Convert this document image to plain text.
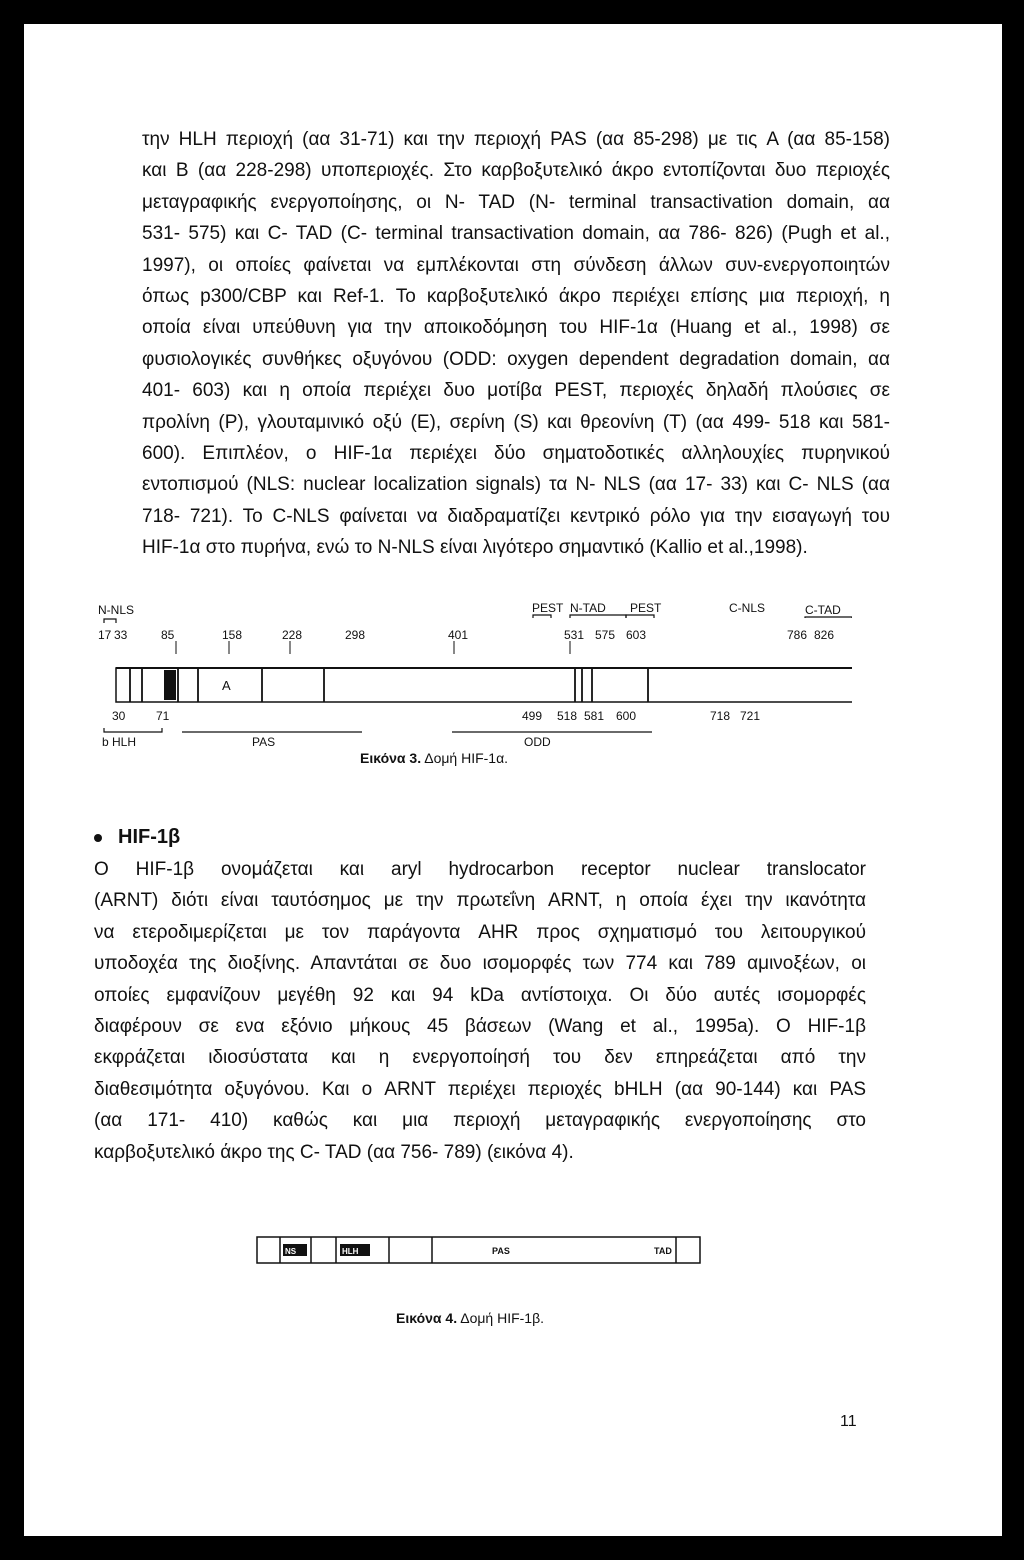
την HLH περιοχή (αα 31-71) και την περιοχή PAS (αα 85-298) με τις A (αα 85-158)
και B (αα 228-298) υποπεριοχές. Στο καρβοξυτελικό άκρο εντοπίζονται δυο περιοχές
μεταγραφικής ενεργοποίησης, οι N- TAD (N- terminal transactivation domain, αα
531- 575) και C- TAD (C- terminal transactivation domain, αα 786- 826) (Pugh et al.,
1997), οι οποίες φαίνεται να εμπλέκονται στη σύνδεση άλλων συν-ενεργοποιητών
όπως p300/CBP και Ref-1. Το καρβοξυτελικό άκρο περιέχει επίσης μια περιοχή, η
οποία είναι υπεύθυνη για την αποικοδόμηση του HIF-1α (Huang et al., 1998) σε
φυσιολογικές συνθήκες οξυγόνου (ODD: oxygen dependent degradation domain, αα
401- 603) και η οποία περιέχει δυο μοτίβα PEST, περιοχές δηλαδή πλούσιες σε
προλίνη (P), γλουταμινικό οξύ (E), σερίνη (S) και θρεονίνη (T) (αα 499- 518 και 581-
600). Επιπλέον, ο HIF-1α περιέχει δύο σηματοδοτικές αλληλουχίες πυρηνικού
εντοπισμού (NLS: nuclear localization signals) τα N- NLS (αα 17- 33) και C- NLS (αα
718- 721). Το C-NLS φαίνεται να διαδραματίζει κεντρικό ρόλο για την εισαγωγή του
HIF-1α στο πυρήνα, ενώ το N-NLS είναι λιγότερο σημαντικό (Kallio et al.,1998).
N-NLS	PEST N-TAD PEST	C-NLS	C-TAD
17 33	85	158	228	298	401	531 575 603	786 826
A
30	71	499 518 581 600	718 721
b HLH	PAS	ODD
Εικόνα 3. Δομή HIF-1α.
HIF-1β
Ο HIF-1β ονομάζεται και aryl hydrocarbon receptor nuclear translocator
(ARNT) διότι είναι ταυτόσημος με την πρωτεΐνη ARNT, η οποία έχει την ικανότητα
να ετεροδιμερίζεται με τον παράγοντα AHR προς σχηματισμό του λειτουργικού
υποδοχέα της διοξίνης. Απαντάται σε δυο ισομορφές των 774 και 789 αμινοξέων, οι
οποίες εμφανίζουν μεγέθη 92 και 94 kDa αντίστοιχα. Οι δύο αυτές ισομορφές
διαφέρουν σε ενα εξόνιο μήκους 45 βάσεων (Wang et al., 1995a). Ο HIF-1β
εκφράζεται ιδιοσύστατα και η ενεργοποίησή του δεν επηρεάζεται από την
διαθεσιμότητα οξυγόνου. Και ο ARNT περιέχει περιοχές bHLH (αα 90-144) και PAS
(αα 171- 410) καθώς και μια περιοχή μεταγραφικής ενεργοποίησης στο
καρβοξυτελικό άκρο της C- TAD (αα 756- 789) (εικόνα 4).
NS	HLH	PAS	TAD
Εικόνα 4. Δομή HIF-1β.
11
